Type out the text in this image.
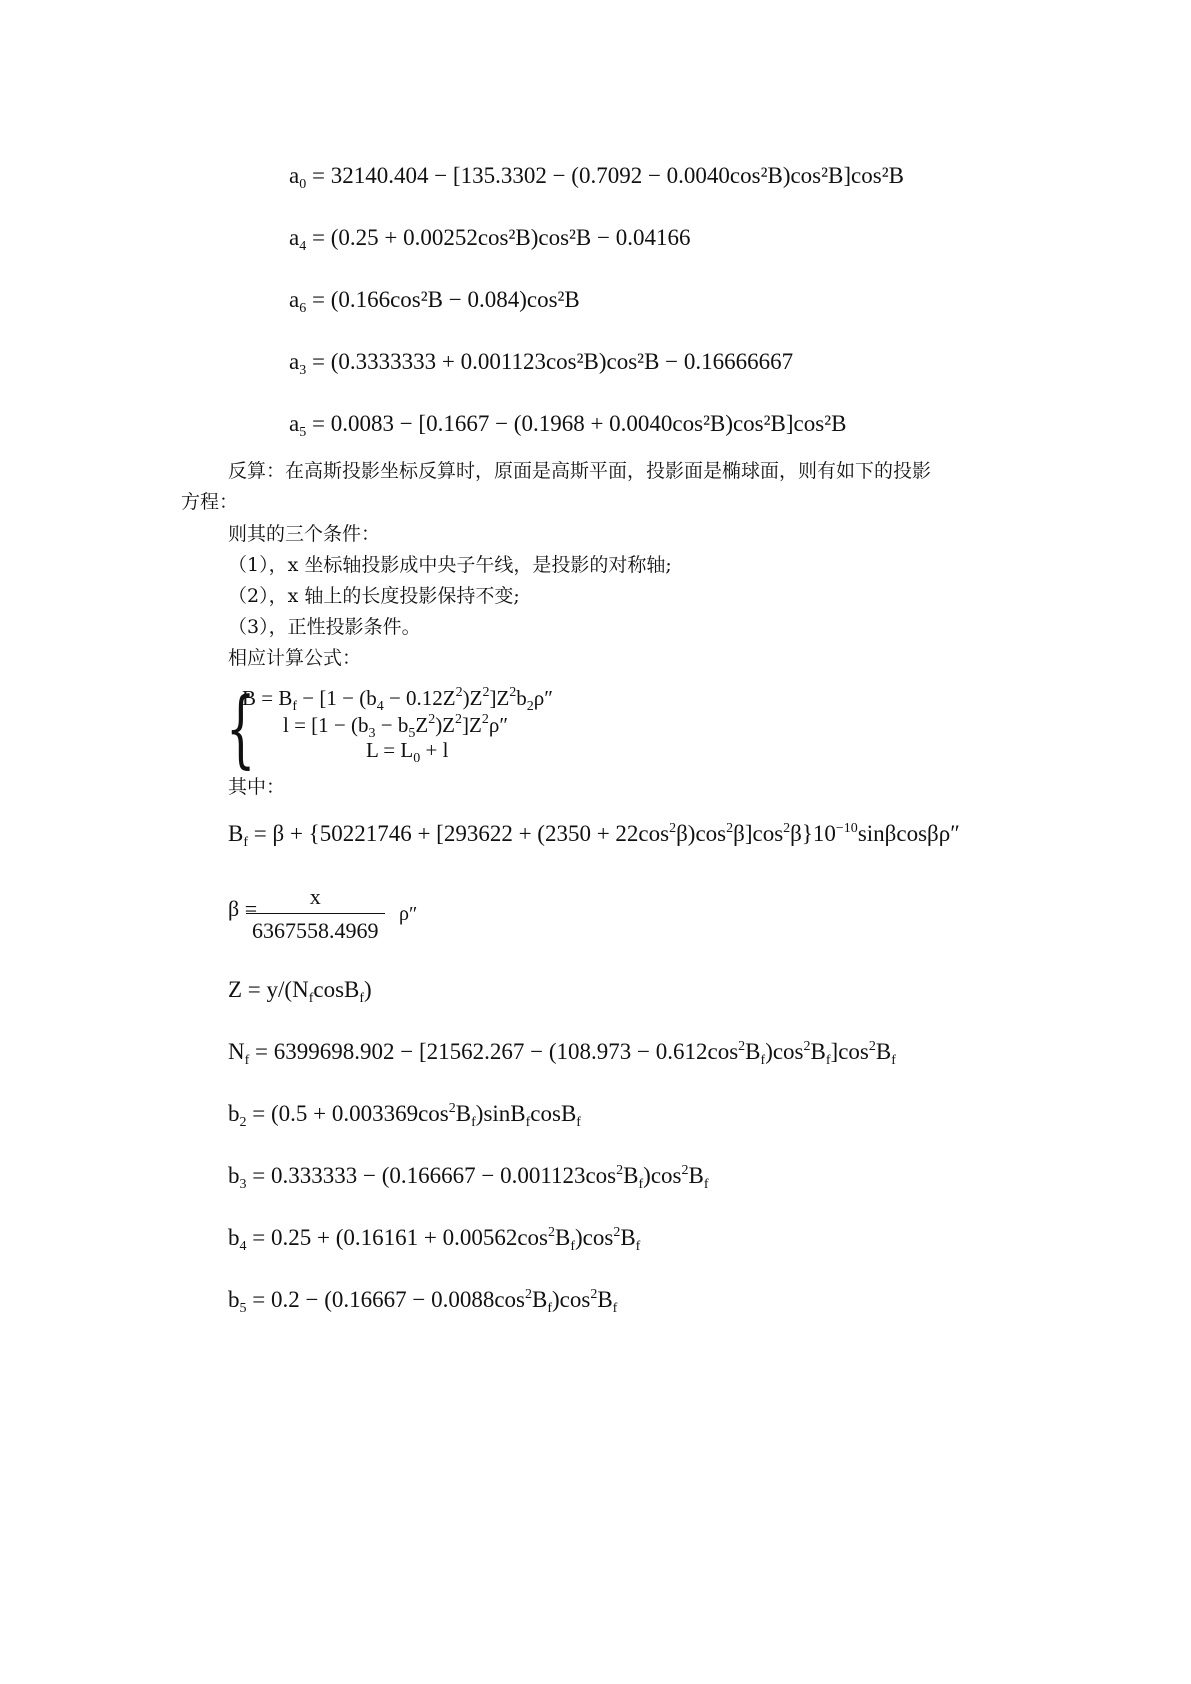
$a_0 = 32140.404 - [135.3302 - (0.7092 - 0.0040\cos^2B)\cos^2B]\cos^2B$
$a_4 = (0.25 + 0.00252\cos^2B)\cos^2B - 0.04166$
$a_6 = (0.166\cos^2B - 0.084)\cos^2B$
$a_3 = (0.3333333 + 0.001123\cos^2B)\cos^2B - 0.16666667$
$a_5 = 0.0083 - [0.1667 - (0.1968 + 0.0040\cos^2B)\cos^2B]\cos^2B$
反算：在高斯投影坐标反算时，原面是高斯平面，投影面是椭球面，则有如下的投影
方程：
则其的三个条件：
（1），x 坐标轴投影成中央子午线，是投影的对称轴;
（2），x 轴上的长度投影保持不变;
（3），正性投影条件。
相应计算公式：
{
$B = B_f - [1 - (b_4 - 0.12Z^2)Z^2]Z^2b_2\rho''$
$l = [1 - (b_3 - b_5Z^2)Z^2]Z^2\rho''$
$L = L_0 + l$
其中：
$B_f = \beta + \{50221746 + [293622 + (2350 + 22\cos^2\beta)\cos^2\beta]\cos^2\beta\}10^{-10}\sin\beta\cos\beta\rho''$
β =
$\frac{x}{6367558.4969} \rho''$
$Z = y/(N_f\cos B_f)$
$N_f = 6399698.902 - [21562.267 - (108.973 - 0.612\cos^2B_f)\cos^2B_f]\cos^2B_f$
$b_2 = (0.5 + 0.003369\cos^2B_f)\sin B_f\cos B_f$
$b_3 = 0.333333 - (0.166667 - 0.001123\cos^2B_f)\cos^2B_f$
$b_4 = 0.25 + (0.16161 + 0.00562\cos^2B_f)\cos^2B_f$
$b_5 = 0.2 - (0.16667 - 0.0088\cos^2B_f)\cos^2B_f$
